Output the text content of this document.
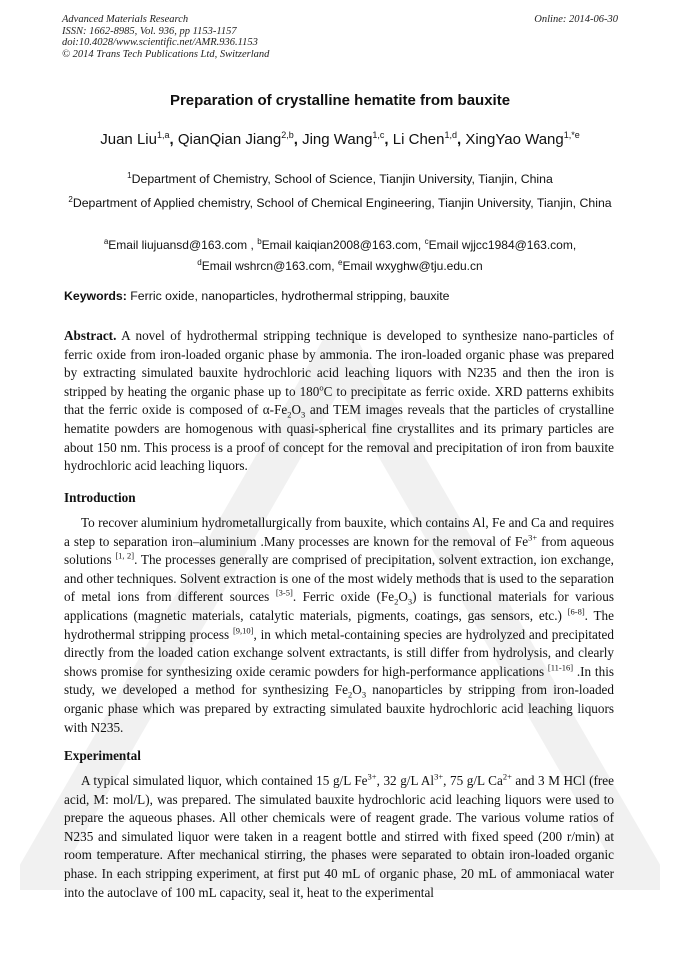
Advanced Materials Research
ISSN: 1662-8985, Vol. 936, pp 1153-1157
doi:10.4028/www.scientific.net/AMR.936.1153
© 2014 Trans Tech Publications Ltd, Switzerland
Online: 2014-06-30
Preparation of crystalline hematite from bauxite
Juan Liu$^{1,a}$, QianQian Jiang$^{2,b}$, Jing Wang$^{1,c}$, Li Chen$^{1,d}$, XingYao Wang$^{1,*e}$
$^1$Department of Chemistry, School of Science, Tianjin University, Tianjin, China
$^2$Department of Applied chemistry, School of Chemical Engineering, Tianjin University, Tianjin, China
$^a$Email liujuansd@163.com , $^b$Email kaiqian2008@163.com, $^c$Email wjjcc1984@163.com,
$^d$Email wshrcn@163.com, $^e$Email wxyghw@tju.edu.cn
Keywords: Ferric oxide, nanoparticles, hydrothermal stripping, bauxite
Abstract. A novel of hydrothermal stripping technique is developed to synthesize nano-particles of ferric oxide from iron-loaded organic phase by ammonia. The iron-loaded organic phase was prepared by extracting simulated bauxite hydrochloric acid leaching liquors with N235 and then the iron is stripped by heating the organic phase up to 180$^o$C to precipitate as ferric oxide. XRD patterns exhibits that the ferric oxide is composed of $\alpha-Fe_2O_3$ and TEM images reveals that the particles of crystalline hematite powders are homogenous with quasi-spherical fine crystallites and its primary particles are about 150 nm. This process is a proof of concept for the removal and precipitation of iron from bauxite hydrochloric acid leaching liquors.
Introduction
To recover aluminium hydrometallurgically from bauxite, which contains Al, Fe and Ca and requires a step to separation iron–aluminium .Many processes are known for the removal of $Fe^{3+}$ from aqueous solutions [1, 2]. The processes generally are comprised of precipitation, solvent extraction, ion exchange, and other techniques. Solvent extraction is one of the most widely methods that is used to the separation of metal ions from different sources [3-5]. Ferric oxide $(Fe_2O_3)$ is functional materials for various applications (magnetic materials, catalytic materials, pigments, coatings, gas sensors, etc.) [6-8]. The hydrothermal stripping process [9,10], in which metal-containing species are hydrolyzed and precipitated directly from the loaded cation exchange solvent extractants, is still differ from hydrolysis, and clearly shows promise for synthesizing oxide ceramic powders for high-performance applications [11-16] .In this study, we developed a method for synthesizing $Fe_2O_3$ nanoparticles by stripping from iron-loaded organic phase which was prepared by extracting simulated bauxite hydrochloric acid leaching liquors with N235.
Experimental
A typical simulated liquor, which contained 15 g/L $Fe^{3+}$, 32 g/L $Al^{3+}$, 75 g/L $Ca^{2+}$ and 3 M HCl (free acid, M: mol/L), was prepared. The simulated bauxite hydrochloric acid leaching liquors were used to prepare the aqueous phases. All other chemicals were of reagent grade. The various volume ratios of N235 and simulated liquor were taken in a reagent bottle and stirred with fixed speed (200 r/min) at room temperature. After mechanical stirring, the phases were separated to obtain iron-loaded organic phase. In each stripping experiment, at first put 40 mL of organic phase, 20 mL of ammoniacal water into the autoclave of 100 mL capacity, seal it, heat to the experimental
